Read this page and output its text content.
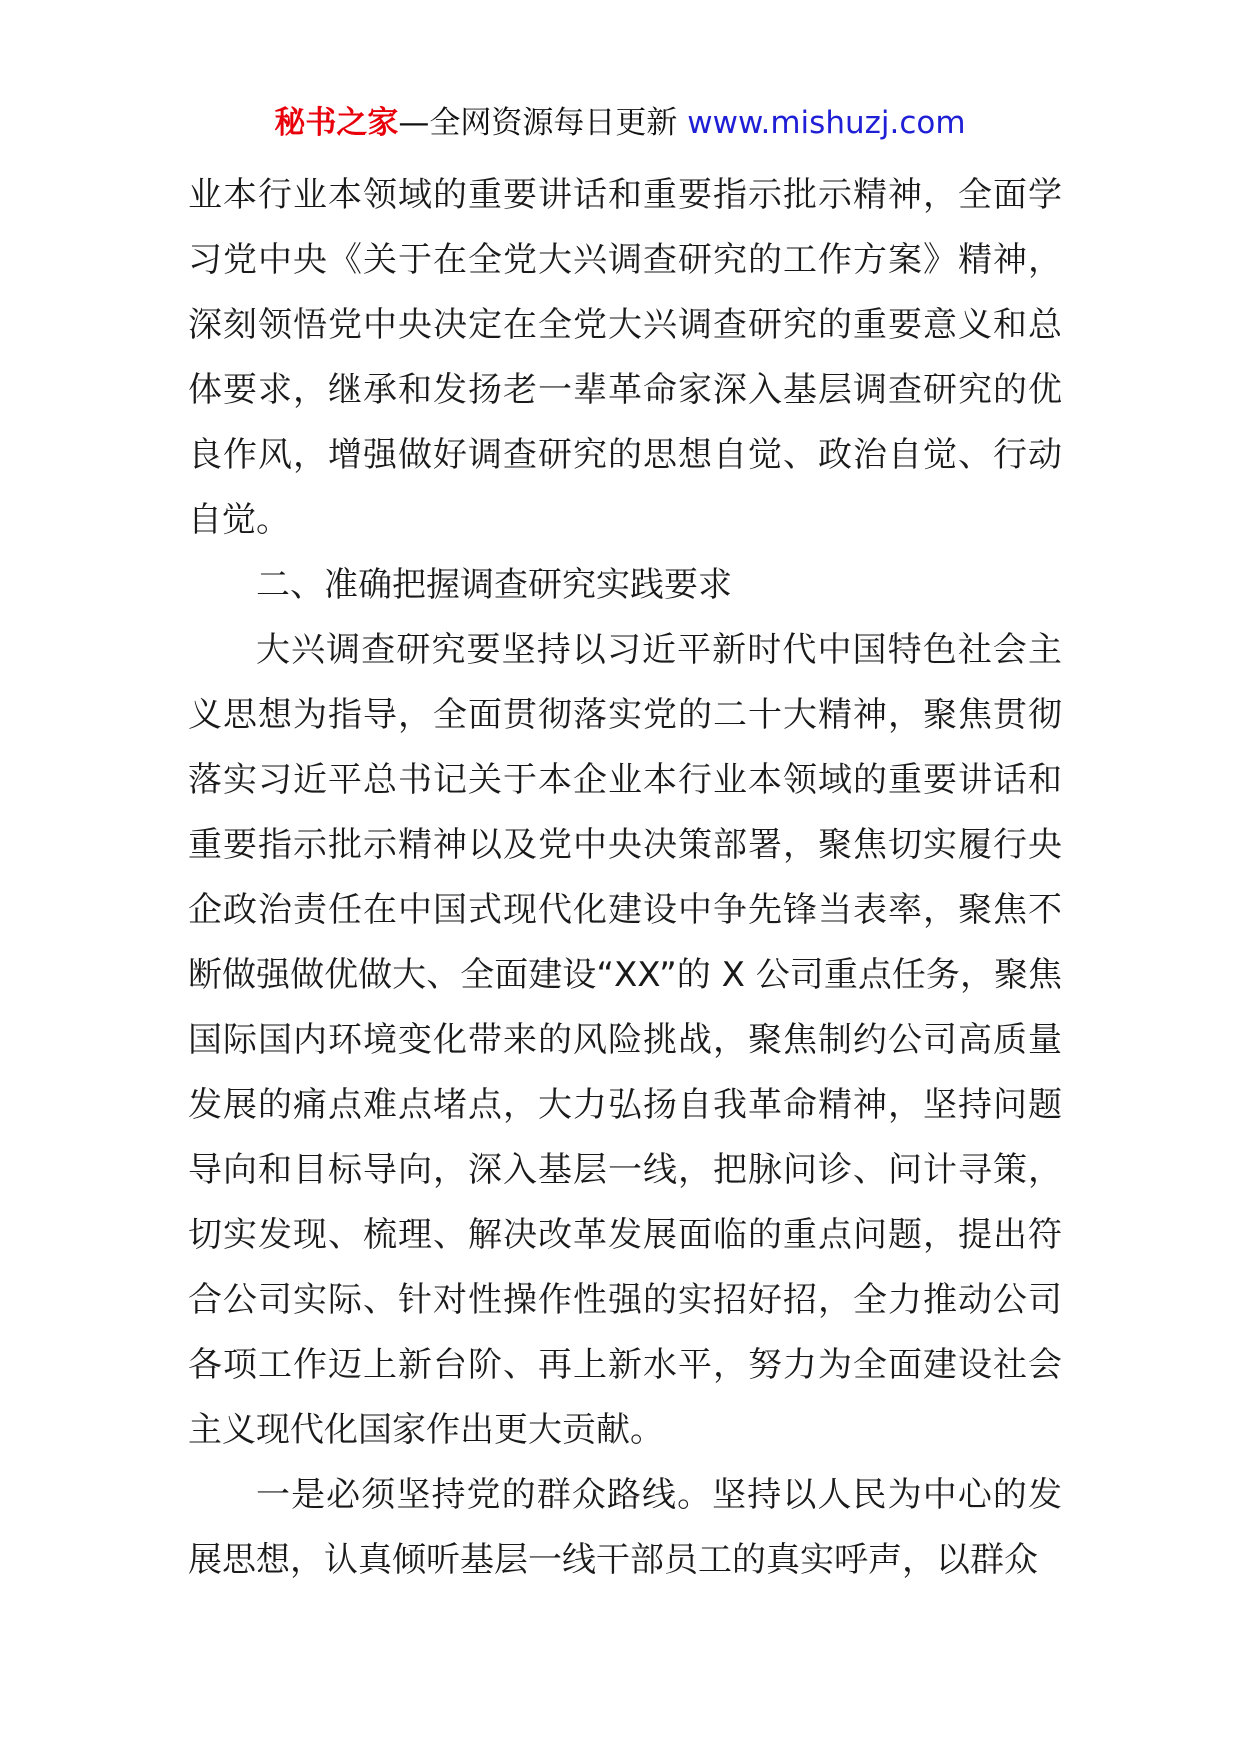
秘书之家—全网资源每日更新 www.mishuzj.com

业本行业本领域的重要讲话和重要指示批示精神，全面学习党中央《关于在全党大兴调查研究的工作方案》精神，深刻领悟党中央决定在全党大兴调查研究的重要意义和总体要求，继承和发扬老一辈革命家深入基层调查研究的优良作风，增强做好调查研究的思想自觉、政治自觉、行动自觉。

二、准确把握调查研究实践要求

大兴调查研究要坚持以习近平新时代中国特色社会主义思想为指导，全面贯彻落实党的二十大精神，聚焦贯彻落实习近平总书记关于本企业本行业本领域的重要讲话和重要指示批示精神以及党中央决策部署，聚焦切实履行央企政治责任在中国式现代化建设中争先锋当表率，聚焦不断做强做优做大、全面建设“XX”的 X 公司重点任务，聚焦国际国内环境变化带来的风险挑战，聚焦制约公司高质量发展的痛点难点堵点，大力弘扬自我革命精神，坚持问题导向和目标导向，深入基层一线，把脉问诊、问计寻策，切实发现、梳理、解决改革发展面临的重点问题，提出符合公司实际、针对性操作性强的实招好招，全力推动公司各项工作迈上新台阶、再上新水平，努力为全面建设社会主义现代化国家作出更大贡献。

一是必须坚持党的群众路线。坚持以人民为中心的发展思想，认真倾听基层一线干部员工的真实呼声，以群众
